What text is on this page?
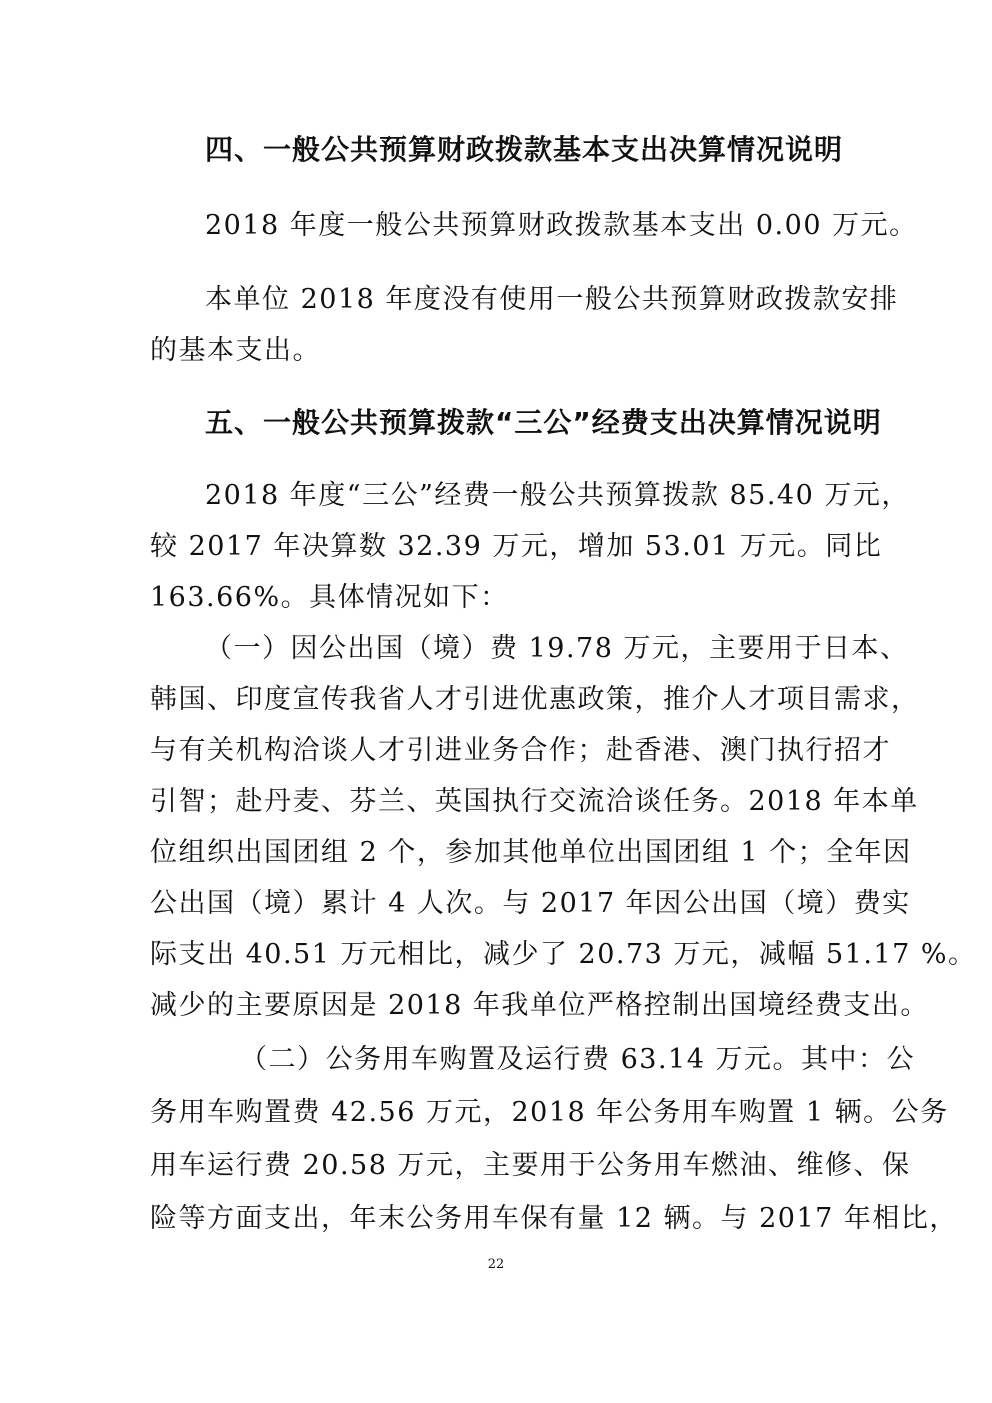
四、一般公共预算财政拨款基本支出决算情况说明
2018 年度一般公共预算财政拨款基本支出 0.00 万元。
本单位 2018 年度没有使用一般公共预算财政拨款安排
的基本支出。
五、一般公共预算拨款“三公”经费支出决算情况说明
2018 年度“三公”经费一般公共预算拨款 85.40 万元，
较 2017 年决算数 32.39 万元，增加 53.01 万元。同比
163.66%。具体情况如下：
（一）因公出国（境）费 19.78 万元，主要用于日本、
韩国、印度宣传我省人才引进优惠政策，推介人才项目需求，
与有关机构洽谈人才引进业务合作；赴香港、澳门执行招才
引智；赴丹麦、芬兰、英国执行交流洽谈任务。2018 年本单
位组织出国团组 2 个，参加其他单位出国团组 1 个；全年因
公出国（境）累计 4 人次。与 2017 年因公出国（境）费实
际支出 40.51 万元相比，减少了 20.73 万元，减幅 51.17 %。
减少的主要原因是 2018 年我单位严格控制出国境经费支出。
（二）公务用车购置及运行费 63.14 万元。其中：公
务用车购置费 42.56 万元，2018 年公务用车购置 1 辆。公务
用车运行费 20.58 万元，主要用于公务用车燃油、维修、保
险等方面支出，年末公务用车保有量 12 辆。与 2017 年相比，
22
